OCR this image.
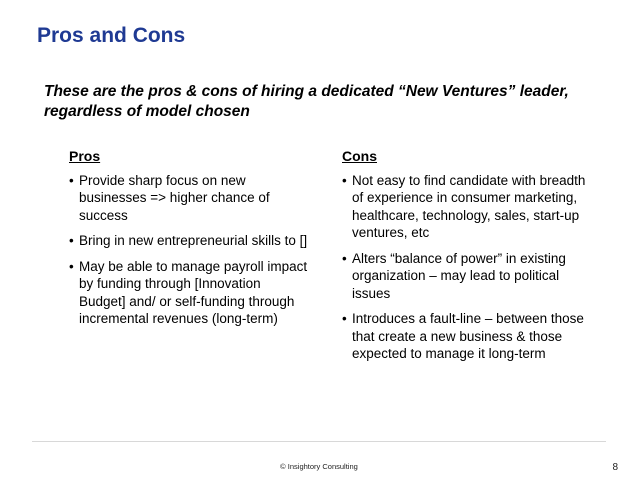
Pros and Cons
These are the pros & cons of hiring a dedicated “New Ventures” leader, regardless of model chosen
Pros
• Provide sharp focus on new businesses => higher chance of success
• Bring in new entrepreneurial skills to []
• May be able to manage payroll impact by funding through [Innovation Budget] and/ or self-funding through incremental revenues (long-term)
Cons
• Not easy to find candidate with breadth of experience in consumer marketing, healthcare, technology, sales, start-up ventures, etc
• Alters “balance of power” in existing organization – may lead to political issues
• Introduces a fault-line – between those that create a new business & those expected to manage it long-term
© Insightory Consulting	8
